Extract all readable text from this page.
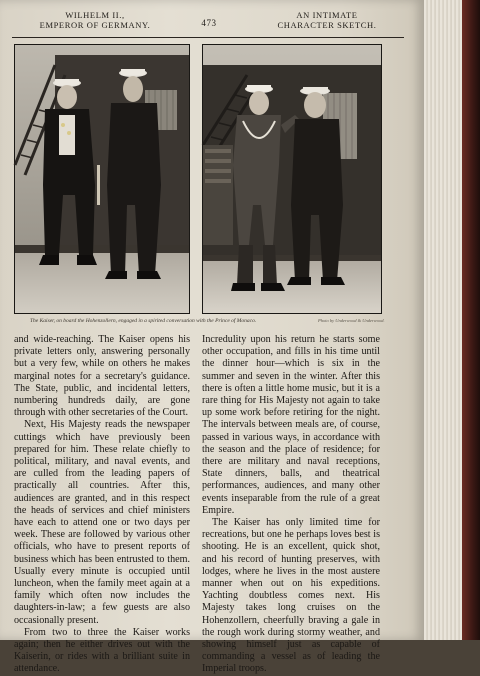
WILHELM II.,
EMPEROR OF GERMANY.	473
AN INTIMATE
CHARACTER SKETCH.
The Kaiser, on board the Hohenzollern, engaged in a spirited conversation with the Prince of Monaco.	Photo by Underwood & Underwood.

and wide-reaching. The Kaiser opens his private letters only, answering personally but a very few, while on others he makes marginal notes for a secretary's guidance. The State, public, and incidental letters, numbering hundreds daily, are gone through with other secretaries of the Court.

Next, His Majesty reads the newspaper cuttings which have previously been prepared for him. These relate chiefly to political, military, and naval events, and are culled from the leading papers of practically all countries. After this, audiences are granted, and in this respect the heads of services and chief ministers have each to attend one or two days per week. These are followed by various other officials, who have to present reports of business which has been entrusted to them. Usually every minute is occupied until luncheon, when the family meet again at a family which often now includes the daughters-in-law; a few guests are also occasionally present.

From two to three the Kaiser works again; then he either drives out with the Kaiserin, or rides with a brilliant suite in attendance.

Incredulity upon his return he starts some other occupation, and fills in his time until the dinner hour—which is six in the summer and seven in the winter. After this there is often a little home music, but it is a rare thing for His Majesty not again to take up some work before retiring for the night. The intervals between meals are, of course, passed in various ways, in accordance with the season and the place of residence; for there are military and naval receptions, State dinners, balls, and theatrical performances, audiences, and many other events inseparable from the rule of a great Empire.

The Kaiser has only limited time for recreations, but one he perhaps loves best is shooting. He is an excellent, quick shot, and his record of hunting preserves, with lodges, where he lives in the most austere manner when out on his expeditions. Yachting doubtless comes next. His Majesty takes long cruises on the Hohenzollern, cheerfully braving a gale in the rough work during stormy weather, and showing himself just as capable of commanding a vessel as of leading the Imperial troops.
